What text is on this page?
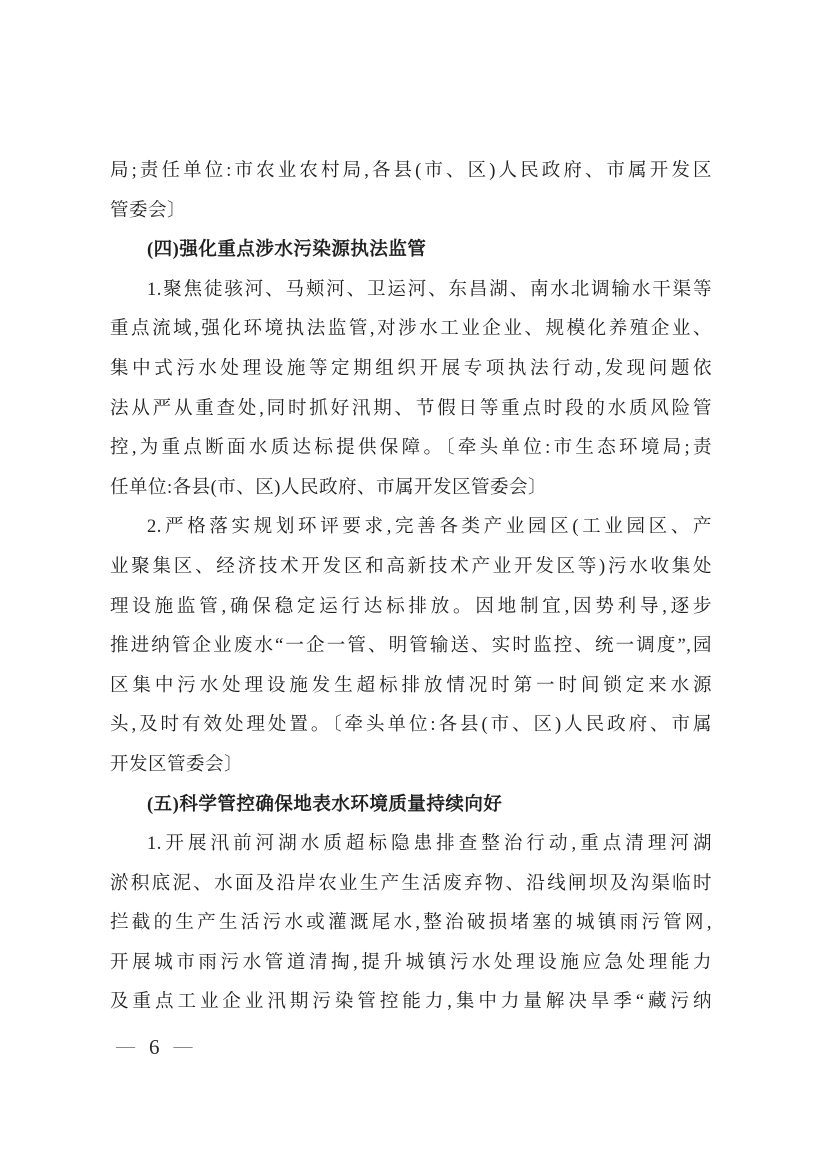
局;责任单位:市农业农村局,各县(市、区)人民政府、市属开发区
管委会〕
(四)强化重点涉水污染源执法监管
1.聚焦徒骇河、马颊河、卫运河、东昌湖、南水北调输水干渠等
重点流域,强化环境执法监管,对涉水工业企业、规模化养殖企业、
集中式污水处理设施等定期组织开展专项执法行动,发现问题依
法从严从重查处,同时抓好汛期、节假日等重点时段的水质风险管
控,为重点断面水质达标提供保障。〔牵头单位:市生态环境局;责
任单位:各县(市、区)人民政府、市属开发区管委会〕
2.严格落实规划环评要求,完善各类产业园区(工业园区、产
业聚集区、经济技术开发区和高新技术产业开发区等)污水收集处
理设施监管,确保稳定运行达标排放。因地制宜,因势利导,逐步
推进纳管企业废水“一企一管、明管输送、实时监控、统一调度”,园
区集中污水处理设施发生超标排放情况时第一时间锁定来水源
头,及时有效处理处置。〔牵头单位:各县(市、区)人民政府、市属
开发区管委会〕
(五)科学管控确保地表水环境质量持续向好
1.开展汛前河湖水质超标隐患排查整治行动,重点清理河湖
淤积底泥、水面及沿岸农业生产生活废弃物、沿线闸坝及沟渠临时
拦截的生产生活污水或灌溉尾水,整治破损堵塞的城镇雨污管网,
开展城市雨污水管道清掏,提升城镇污水处理设施应急处理能力
及重点工业企业汛期污染管控能力,集中力量解决旱季“藏污纳
— 6 —
